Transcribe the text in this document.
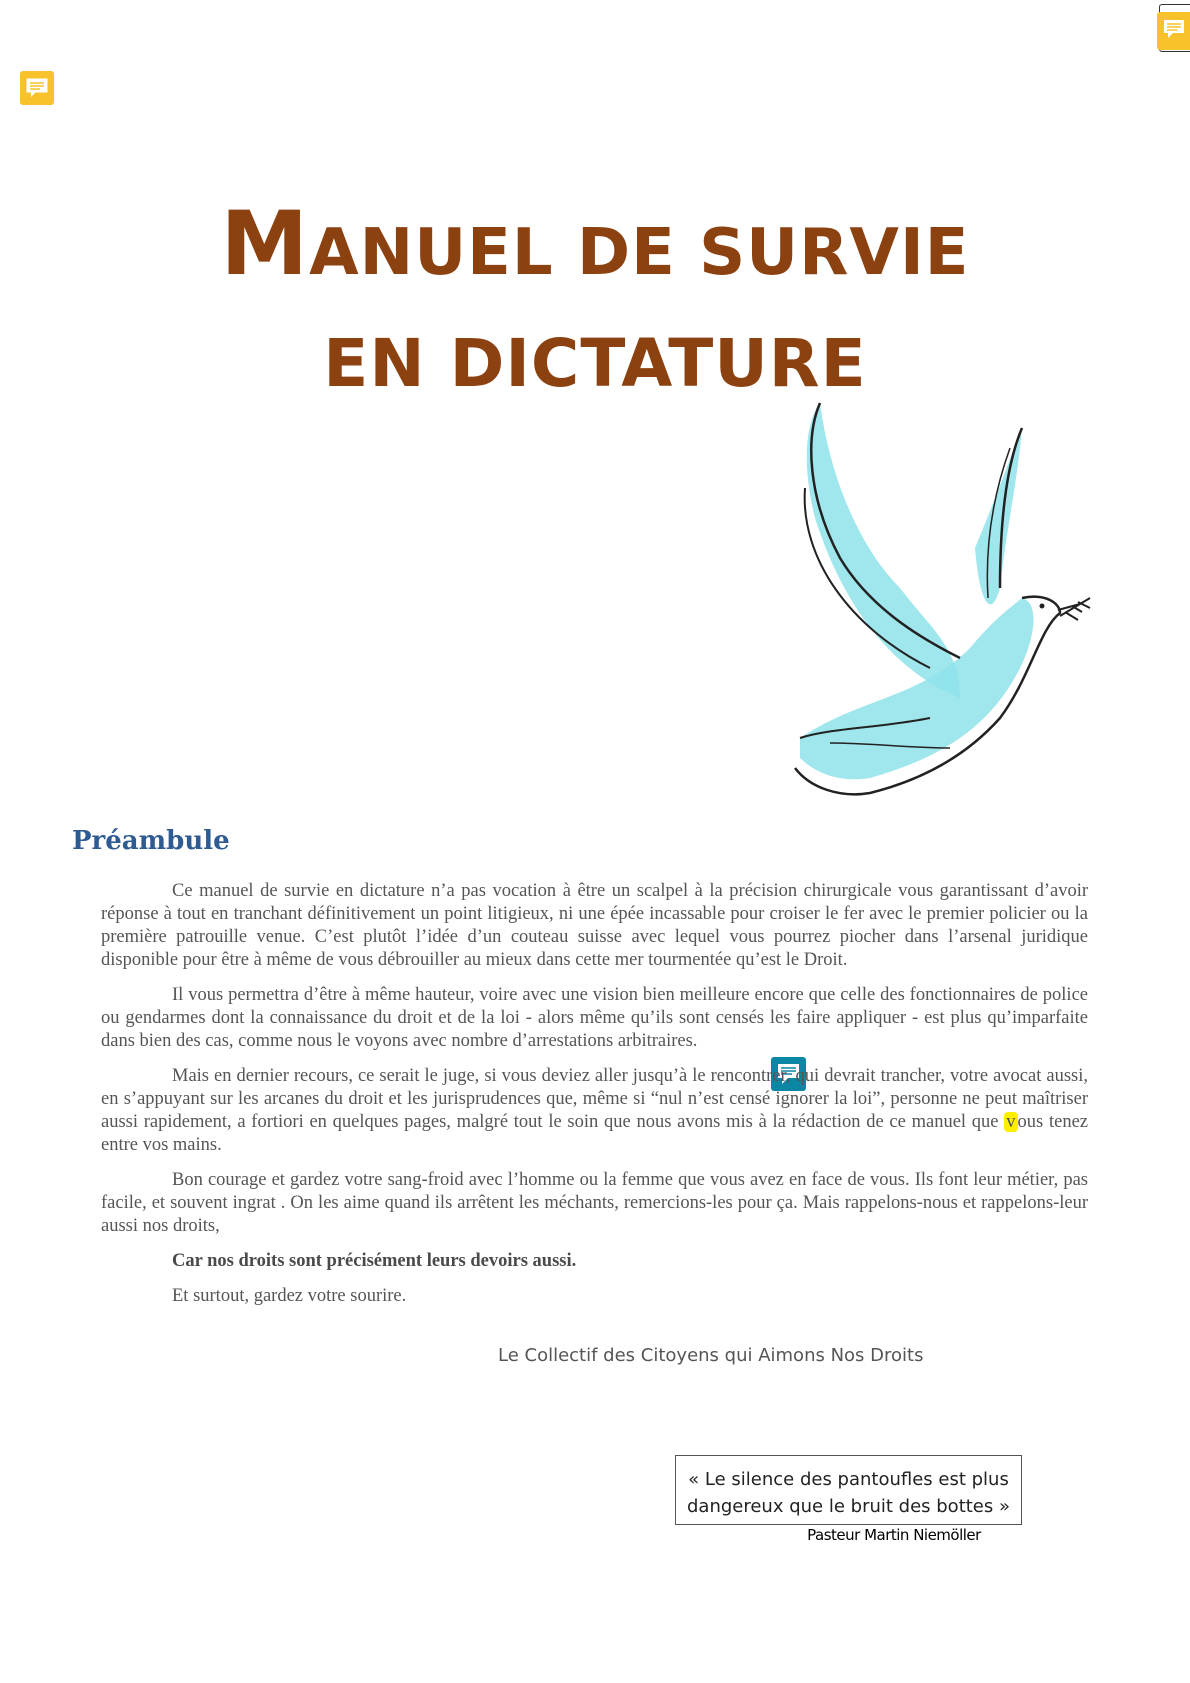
MANUEL DE SURVIE
EN DICTATURE
Préambule

Ce manuel de survie en dictature n’a pas vocation à être un scalpel à la précision chirurgicale vous garantissant d’avoir réponse à tout en tranchant définitivement un point litigieux, ni une épée incassable pour croiser le fer avec le premier policier ou la première patrouille venue. C’est plutôt l’idée d’un couteau suisse avec lequel vous pourrez piocher dans l’arsenal juridique disponible pour être à même de vous débrouiller au mieux dans cette mer tourmentée qu’est le Droit.

Il vous permettra d’être à même hauteur, voire avec une vision bien meilleure encore que celle des fonctionnaires de police ou gendarmes dont la connaissance du droit et de la loi - alors même qu’ils sont censés les faire appliquer - est plus qu’imparfaite dans bien des cas, comme nous le voyons avec nombre d’arrestations arbitraires.

Mais en dernier recours, ce serait le juge, si vous deviez aller jusqu’à le rencontrer, qui devrait trancher, votre avocat aussi, en s’appuyant sur les arcanes du droit et les jurisprudences que, même si “nul n’est censé ignorer la loi”, personne ne peut maîtriser aussi rapidement, a fortiori en quelques pages, malgré tout le soin que nous avons mis à la rédaction de ce manuel que v ous tenez entre vos mains.

Bon courage et gardez votre sang-froid avec l’homme ou la femme que vous avez en face de vous. Ils font leur métier, pas facile, et souvent ingrat . On les aime quand ils arrêtent les méchants, remercions-les pour ça. Mais rappelons-nous et rappelons-leur aussi nos droits,

Car nos droits sont précisément leurs devoirs aussi.

Et surtout, gardez votre sourire.

Le Collectif des Citoyens qui Aimons Nos Droits
« Le silence des pantoufles est plus
dangereux que le bruit des bottes »
Pasteur Martin Niemöller
